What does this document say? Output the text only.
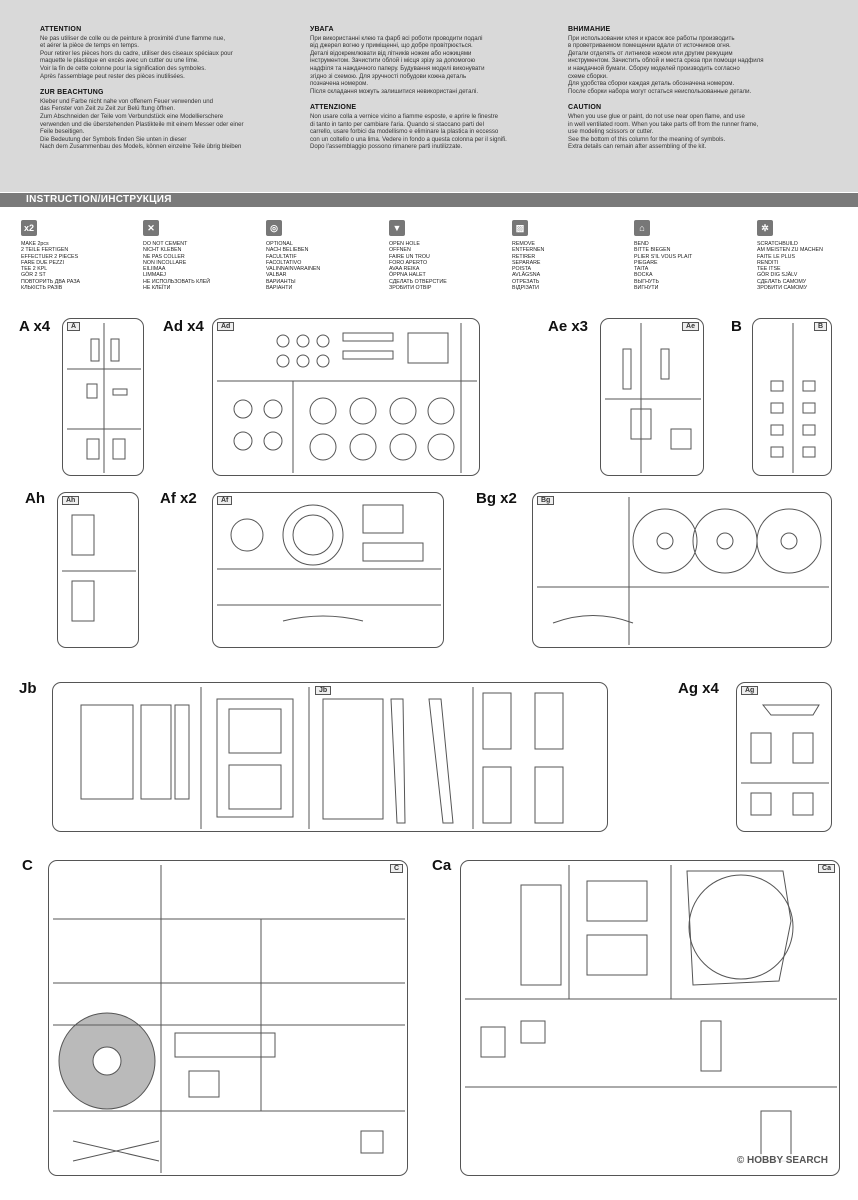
ATTENTION

Ne pas utiliser de colle ou de peinture à proximité d'une flamme nue,
et aérer la pièce de temps en temps.
Pour retirer les pièces hors du cadre, utiliser des ciseaux spéciaux pour
maquette le plastique en excès avec un cutter ou une lime.
Voir la fin de cette colonne pour la signification des symboles.
Après l'assemblage peut rester des pièces inutilisées.

ZUR BEACHTUNG

Kleber und Farbe nicht nahe von offenem Feuer verwenden und
das Fenster von Zeit zu Zeit zur Belü ftung öffnen.
Zum Abschneiden der Teile vom Verbundstück eine Modellierschere
verwenden und die überstehenden Plastikteile mit einem Messer oder einer
Feile beseitigen.
Die Bedeutung der Symbols finden Sie unten in dieser
Nach dem Zusammenbau des Models, können einzelne Teile übrig bleiben

УВАГА

При використанні клею та фарб всі роботи проводити подалі
від джерел вогню у приміщенні, що добре провітрюється.
Деталі відокремлювати від літників ножем або ножицями
інструментом. Зачистити облой і місця зрізу за допомогою
надфіля та наждачного паперу. Будування моделі виконувати
згідно зі схемою. Для зручності побудови кожна деталь
позначена номером.
Після складання можуть залишитися невикористані деталі.

ATTENZIONE

Non usare colla a vernice vicino a fiamme esposte, e aprire le finestre
di tanto in tanto per cambiare l'aria. Quando si staccano parti del
carrello, usare forbici da modellismo e eliminare la plastica in eccesso
con un coltello o una lima. Vedere in fondo a questa colonna per il signifi.
Dopo l'assemblaggio possono rimanere parti inutilizzate.

ВНИМАНИЕ

При использовании клея и красок все работы производить
в проветриваемом помещении вдали от источников огня.
Детали отделять от литников ножом или другим режущим
инструментом. Зачистить облой и места среза при помощи надфиля
и наждачной бумаги. Сборку моделей производить согласно
схеме сборки.
Для удобства сборки каждая деталь обозначена номером.
После сборки набора могут остаться неиспользованные детали.

CAUTION

When you use glue or paint, do not use near open flame, and use
in well ventilated room. When you take parts off from the runner frame,
use modeling scissors or cutter.
See the bottom of this column for the meaning of symbols.
Extra details can remain after assembling of the kit.

INSTRUCTION/ИНСТРУКЦИЯ
x2
MAKE 2pcs
2 TEILE FERTIGEN
EFFECTUER 2 PIECES
FARE DUE PEZZI
TEE 2 KPL
GÖR 2 ST
ПОВТОРИТЬ ДВА РАЗА
КЛЬКІСТЬ РАЗІВ
✕
DO NOT CEMENT
NICHT KLEBEN
NE PAS COLLER
NON INCOLLARE
EILIIMAA
LIMMAEJ
НЕ ИСПОЛЬЗОВАТЬ КЛЕЙ
НЕ КЛЕЇТИ
◎
OPTIONAL
NACH BELIEBEN
FACULTATIF
FACOLTATIVO
VALINNAINVARAINEN
VALBAR
ВАРИАНТЫ
ВАРІАНТИ
▼
OPEN HOLE
OFFNEN
FAIRE UN TROU
FORO APERTO
AVAA REIKA
ÖPPNA HALET
СДЕЛАТЬ ОТВЕРСТИЕ
ЗРОБИТИ ОТВІР
▨
REMOVE
ENTFERNEN
RETIRER
SEPARARE
POISTA
AVLÄGSNA
ОТРЕЗАТЬ
ВІДРІЗАТИ
⌂
BEND
BITTE BIEGEN
PLIER S'IL VOUS PLAIT
PIEGARE
TAITA
BOCKA
ВЫГНУТЬ
ВИГНУТИ
✲
SCRATCHBUILD
AM MEISTEN ZU MACHEN
FAITE LE PLUS
RENDITI
TEE ITSE
GÖR DIG SJÄLV
СДЕЛАТЬ САМОМУ
ЗРОБИТИ САМОМУ
A x4	Ad x4	Ae x3	B
Ah	Af x2	Bg x2
Jb	Ag x4
C	Ca
A	Ad	Ae	B
Ah	Af	Bg
Jb	Ag
C	Ca
© HOBBY SEARCH
